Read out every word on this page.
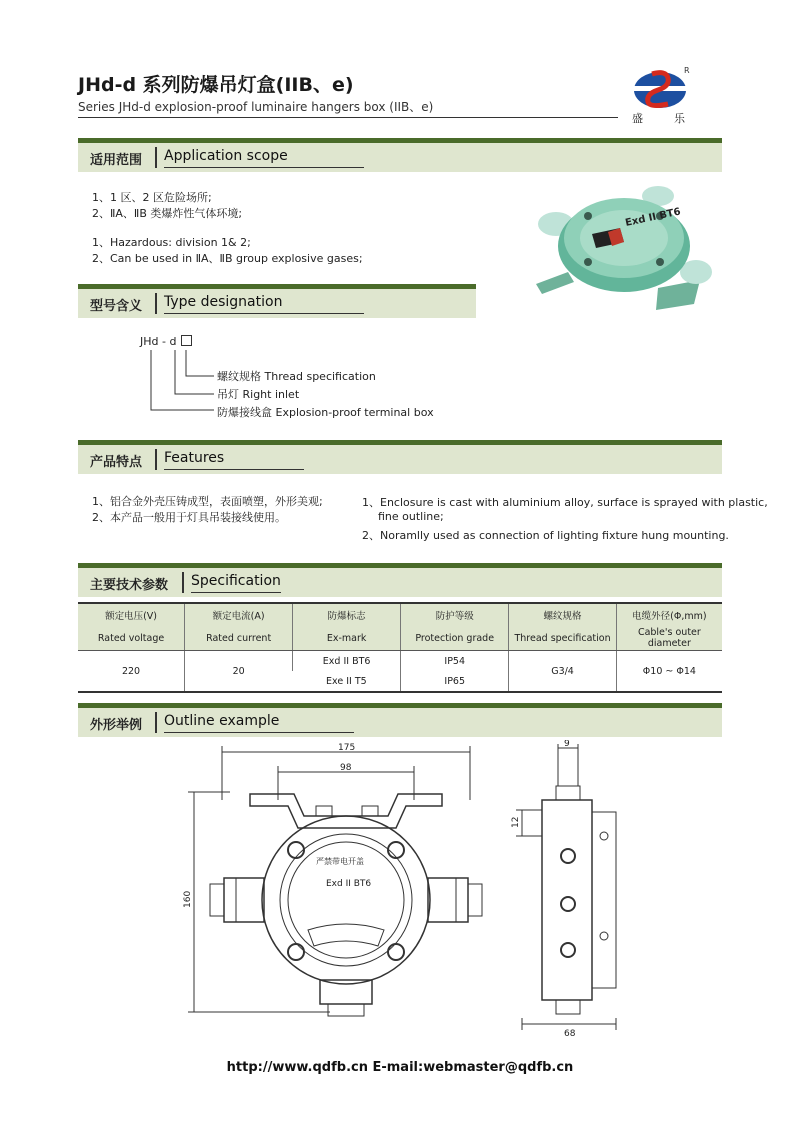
JHd-d 系列防爆吊灯盒(IIB、e)
Series JHd-d explosion-proof luminaire hangers box (IIB、e)
R
盛	乐
适用范围 Application scope
1、1 区、2 区危险场所;
2、ⅡA、ⅡB 类爆炸性气体环境;
1、Hazardous: division 1& 2;
2、Can be used in ⅡA、ⅡB group explosive gases;
Exd II BT6
型号含义 Type designation
JHd - d
螺纹规格 Thread specification
吊灯 Right inlet
防爆接线盒 Explosion-proof terminal box
产品特点 Features
1、铝合金外壳压铸成型，表面喷塑，外形美观;
2、本产品一般用于灯具吊装接线使用。
1、Enclosure is cast with aluminium alloy, surface is sprayed with plastic,
fine outline;
2、Noramlly used as connection of lighting fixture hung mounting.
主要技术参数 Specification
额定电压(V)	额定电流(A)	防爆标志	防护等级	螺纹规格	电缆外径(Φ,mm)
Rated voltage	Rated current	Ex-mark	Protection grade	Thread specification	Cable's outer diameter
220	20	Exd II BT6	IP54	G3/4	Φ10 ~ Φ14
		Exe II T5	IP65		
外形举例 Outline example
175
98
160
严禁带电开盖
Exd II BT6
9
12
68
http://www.qdfb.cn E-mail:webmaster@qdfb.cn
